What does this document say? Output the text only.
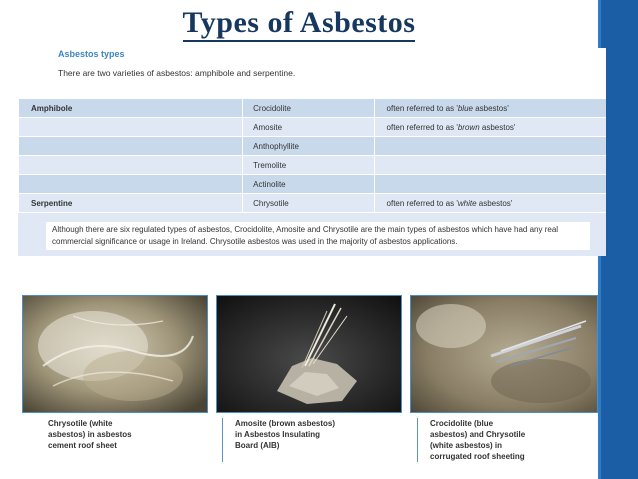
Types of Asbestos
Asbestos types
There are two varieties of asbestos: amphibole and serpentine.
Amphibole	Crocidolite	often referred to as 'blue asbestos'
	Amosite	often referred to as 'brown asbestos'
	Anthophyllite	
	Tremolite	
	Actinolite	
Serpentine	Chrysotile	often referred to as 'white asbestos'
Although there are six regulated types of asbestos, Crocidolite, Amosite and Chrysotile are the main types of asbestos which have had any real commercial significance or usage in Ireland. Chrysotile asbestos was used in the majority of asbestos applications.
Chrysotile (white
asbestos) in asbestos
cement roof sheet
Amosite (brown asbestos)
in Asbestos Insulating
Board (AIB)
Crocidolite (blue
asbestos) and Chrysotile
(white asbestos) in
corrugated roof sheeting
